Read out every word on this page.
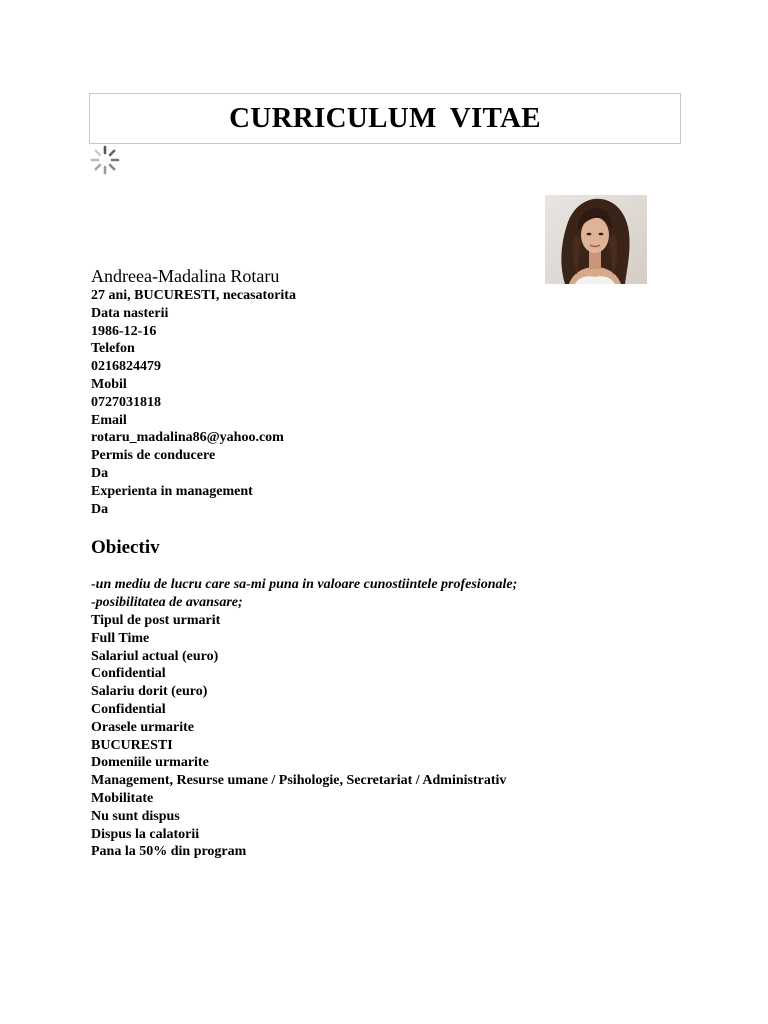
CURRICULUM VITAE
Andreea-Madalina Rotaru
27 ani, BUCURESTI, necasatorita
Data nasterii
1986-12-16
Telefon
0216824479
Mobil
0727031818
Email
rotaru_madalina86@yahoo.com
Permis de conducere
Da
Experienta in management
Da
Obiectiv
-un mediu de lucru care sa-mi puna in valoare cunostiintele profesionale;
-posibilitatea de avansare;
Tipul de post urmarit
Full Time
Salariul actual (euro)
Confidential
Salariu dorit (euro)
Confidential
Orasele urmarite
BUCURESTI
Domeniile urmarite
Management, Resurse umane / Psihologie, Secretariat / Administrativ
Mobilitate
Nu sunt dispus
Dispus la calatorii
Pana la 50% din program
